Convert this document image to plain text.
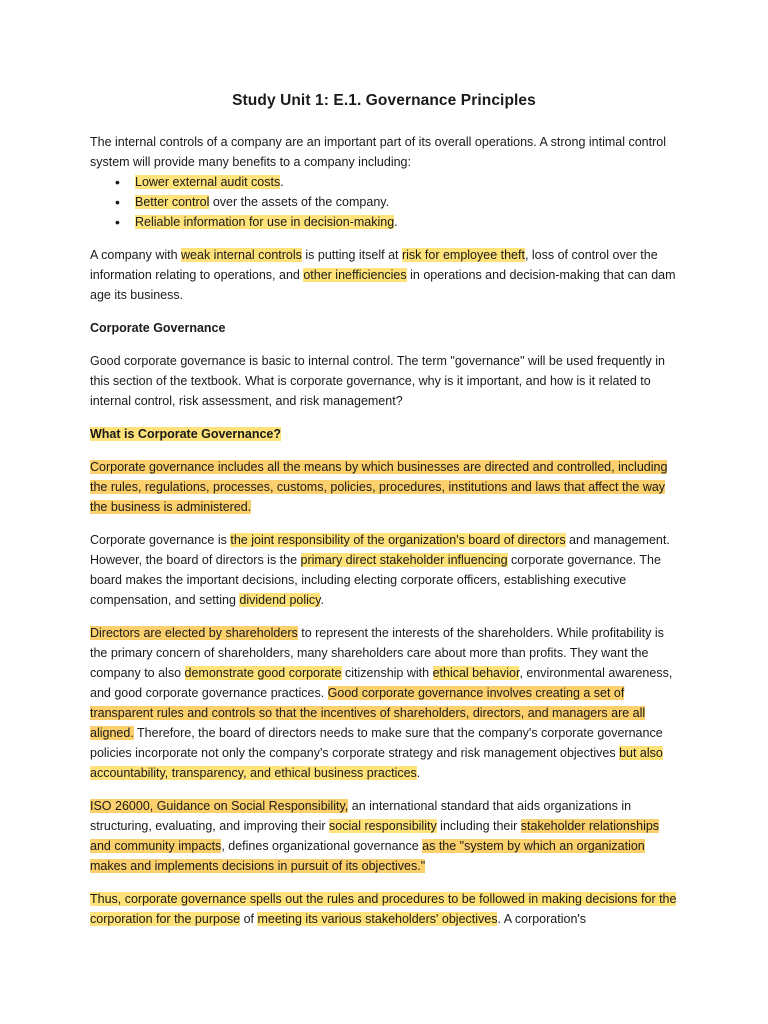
Study Unit 1: E.1. Governance Principles

The internal controls of a company are an important part of its overall operations. A strong intimal control system will provide many benefits to a company including:

• Lower external audit costs.
• Better control over the assets of the company.
• Reliable information for use in decision-making.

A company with weak internal controls is putting itself at risk for employee theft, loss of control over the information relating to operations, and other inefficiencies in operations and decision-making that can dam age its business.

Corporate Governance

Good corporate governance is basic to internal control. The term "governance" will be used frequently in this section of the textbook. What is corporate governance, why is it important, and how is it related to internal control, risk assessment, and risk management?

What is Corporate Governance?

Corporate governance includes all the means by which businesses are directed and controlled, including the rules, regulations, processes, customs, policies, procedures, institutions and laws that affect the way the business is administered.

Corporate governance is the joint responsibility of the organization's board of directors and management. However, the board of directors is the primary direct stakeholder influencing corporate governance. The board makes the important decisions, including electing corporate officers, establishing executive compensation, and setting dividend policy.

Directors are elected by shareholders to represent the interests of the shareholders. While profitability is the primary concern of shareholders, many shareholders care about more than profits. They want the company to also demonstrate good corporate citizenship with ethical behavior, environmental awareness, and good corporate governance practices. Good corporate governance involves creating a set of transparent rules and controls so that the incentives of shareholders, directors, and managers are all aligned. Therefore, the board of directors needs to make sure that the company's corporate governance policies incorporate not only the company's corporate strategy and risk management objectives but also accountability, transparency, and ethical business practices.

ISO 26000, Guidance on Social Responsibility, an international standard that aids organizations in structuring, evaluating, and improving their social responsibility including their stakeholder relationships and community impacts, defines organizational governance as the "system by which an organization makes and implements decisions in pursuit of its objectives."

Thus, corporate governance spells out the rules and procedures to be followed in making decisions for the corporation for the purpose of meeting its various stakeholders' objectives. A corporation's
